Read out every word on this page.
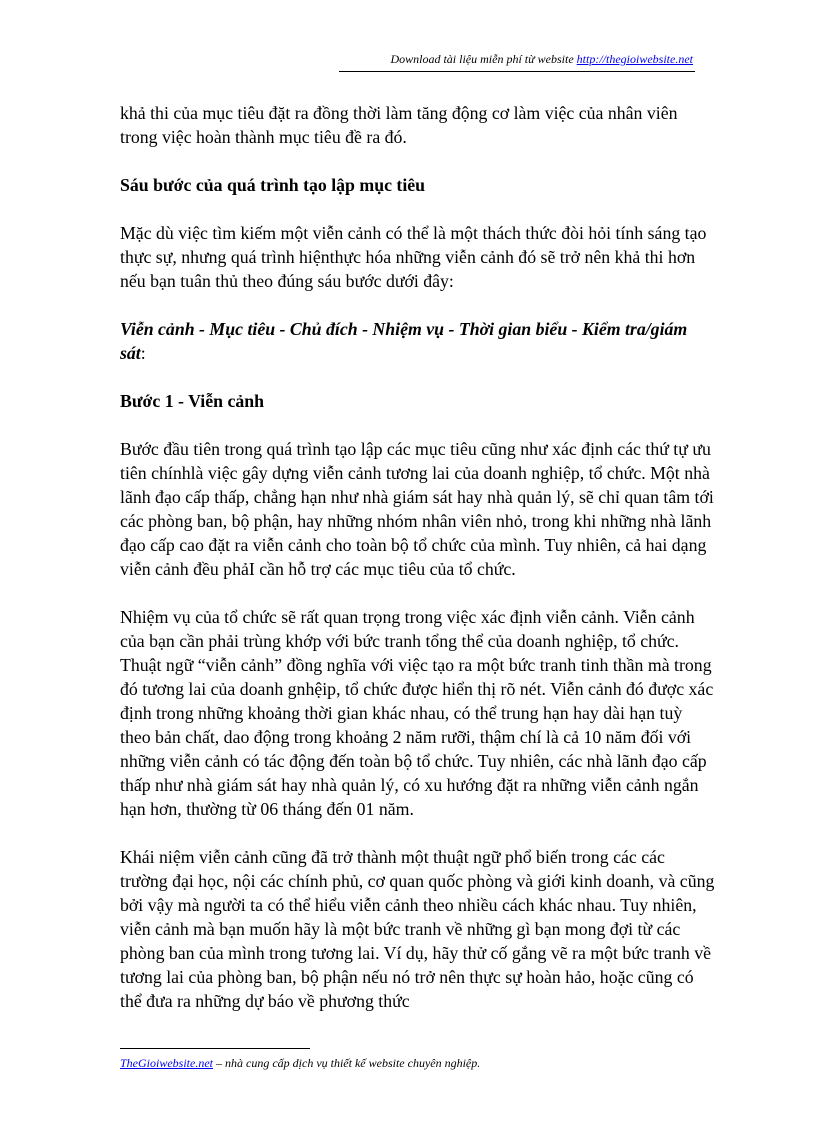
Download tài liệu miễn phí từ website http://thegioiwebsite.net

khả thi của mục tiêu đặt ra đồng thời làm tăng động cơ làm việc của nhân viên trong việc hoàn thành mục tiêu đề ra đó.

Sáu bước của quá trình tạo lập mục tiêu

Mặc dù việc tìm kiếm một viễn cảnh có thể là một thách thức đòi hỏi tính sáng tạo thực sự, nhưng quá trình hiệnthực hóa những viễn cảnh đó sẽ trở nên khả thi hơn nếu bạn tuân thủ theo đúng sáu bước dưới đây:

Viễn cảnh - Mục tiêu - Chủ đích - Nhiệm vụ - Thời gian biểu - Kiểm tra/giám sát:

Bước 1 - Viễn cảnh

Bước đầu tiên trong quá trình tạo lập các mục tiêu cũng như xác định các thứ tự ưu tiên chínhlà việc gây dựng viễn cảnh tương lai của doanh nghiệp, tổ chức. Một nhà lãnh đạo cấp thấp, chẳng hạn như nhà giám sát hay nhà quản lý, sẽ chỉ quan tâm tới các phòng ban, bộ phận, hay những nhóm nhân viên nhỏ, trong khi những nhà lãnh đạo cấp cao đặt ra viễn cảnh cho toàn bộ tổ chức của mình. Tuy nhiên, cả hai dạng viễn cảnh đều phảI cần hỗ trợ các mục tiêu của tổ chức.

Nhiệm vụ của tổ chức sẽ rất quan trọng trong việc xác định viễn cảnh. Viễn cảnh của bạn cần phải trùng khớp với bức tranh tổng thể của doanh nghiệp, tổ chức. Thuật ngữ “viễn cảnh” đồng nghĩa với việc tạo ra một bức tranh tinh thần mà trong đó tương lai của doanh gnhệip, tổ chức được hiển thị rõ nét. Viễn cảnh đó được xác định trong những khoảng thời gian khác nhau, có thể trung hạn hay dài hạn tuỳ theo bản chất, dao động trong khoảng 2 năm rưỡi, thậm chí là cả 10 năm đối với những viễn cảnh có tác động đến toàn bộ tổ chức. Tuy nhiên, các nhà lãnh đạo cấp thấp như nhà giám sát hay nhà quản lý, có xu hướng đặt ra những viễn cảnh ngắn hạn hơn, thường từ 06 tháng đến 01 năm.

Khái niệm viễn cảnh cũng đã trở thành một thuật ngữ phổ biến trong các các trường đại học, nội các chính phủ, cơ quan quốc phòng và giới kinh doanh, và cũng bởi vậy mà người ta có thể hiểu viễn cảnh theo nhiều cách khác nhau. Tuy nhiên, viễn cảnh mà bạn muốn hãy là một bức tranh về những gì bạn mong đợi từ các phòng ban của mình trong tương lai. Ví dụ, hãy thử cố gắng vẽ ra một bức tranh về tương lai của phòng ban, bộ phận nếu nó trở nên thực sự hoàn hảo, hoặc cũng có thể đưa ra những dự báo về phương thức

TheGioiwebsite.net – nhà cung cấp dịch vụ thiết kế website chuyên nghiệp.
